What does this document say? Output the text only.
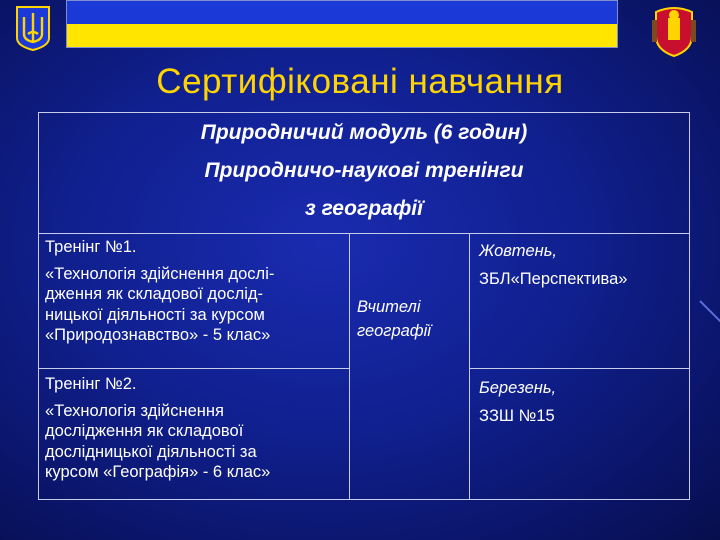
Сертифіковані навчання
Природничий модуль (6 годин)
Природничо-наукові тренінги
з географії
Тренінг №1.
«Технологія здійснення дослі-
дження як складової дослід-
ницької діяльності за курсом
«Природознавство» - 5 клас»
Тренінг №2.
«Технологія здійснення
дослідження як складової
дослідницької діяльності за
курсом «Географія» - 6 клас»
Вчителі
географії
Жовтень,
ЗБЛ«Перспектива»
Березень,
ЗЗШ №15
